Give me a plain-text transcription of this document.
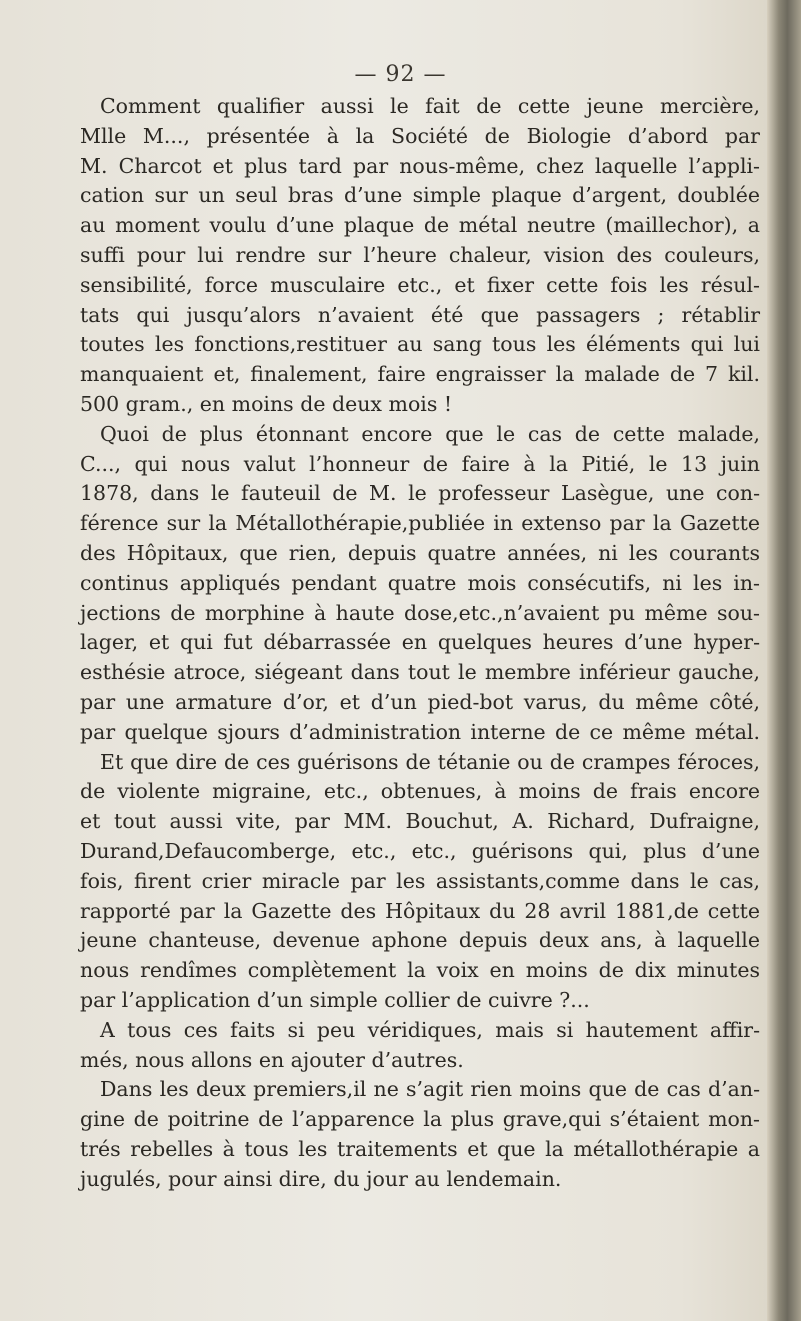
— 92 —
Comment qualifier aussi le fait de cette jeune mercière,
Mlle M..., présentée à la Société de Biologie d’abord par
M. Charcot et plus tard par nous-même, chez laquelle l’appli-
cation sur un seul bras d’une simple plaque d’argent, doublée
au moment voulu d’une plaque de métal neutre (maillechor), a
suffi pour lui rendre sur l’heure chaleur, vision des couleurs,
sensibilité, force musculaire etc., et fixer cette fois les résul-
tats qui jusqu’alors n’avaient été que passagers ; rétablir
toutes les fonctions,restituer au sang tous les éléments qui lui
manquaient et, finalement, faire engraisser la malade de 7 kil.
500 gram., en moins de deux mois !
Quoi de plus étonnant encore que le cas de cette malade,
C..., qui nous valut l’honneur de faire à la Pitié, le 13 juin
1878, dans le fauteuil de M. le professeur Lasègue, une con-
férence sur la Métallothérapie,publiée in extenso par la Gazette
des Hôpitaux, que rien, depuis quatre années, ni les courants
continus appliqués pendant quatre mois consécutifs, ni les in-
jections de morphine à haute dose,etc.,n’avaient pu même sou-
lager, et qui fut débarrassée en quelques heures d’une hyper-
esthésie atroce, siégeant dans tout le membre inférieur gauche,
par une armature d’or, et d’un pied-bot varus, du même côté,
par quelque sjours d’administration interne de ce même métal.
Et que dire de ces guérisons de tétanie ou de crampes féroces,
de violente migraine, etc., obtenues, à moins de frais encore
et tout aussi vite, par MM. Bouchut, A. Richard, Dufraigne,
Durand,Defaucomberge, etc., etc., guérisons qui, plus d’une
fois, firent crier miracle par les assistants,comme dans le cas,
rapporté par la Gazette des Hôpitaux du 28 avril 1881,de cette
jeune chanteuse, devenue aphone depuis deux ans, à laquelle
nous rendîmes complètement la voix en moins de dix minutes
par l’application d’un simple collier de cuivre ?...
A tous ces faits si peu véridiques, mais si hautement affir-
més, nous allons en ajouter d’autres.
Dans les deux premiers,il ne s’agit rien moins que de cas d’an-
gine de poitrine de l’apparence la plus grave,qui s’étaient mon-
trés rebelles à tous les traitements et que la métallothérapie a
jugulés, pour ainsi dire, du jour au lendemain.
